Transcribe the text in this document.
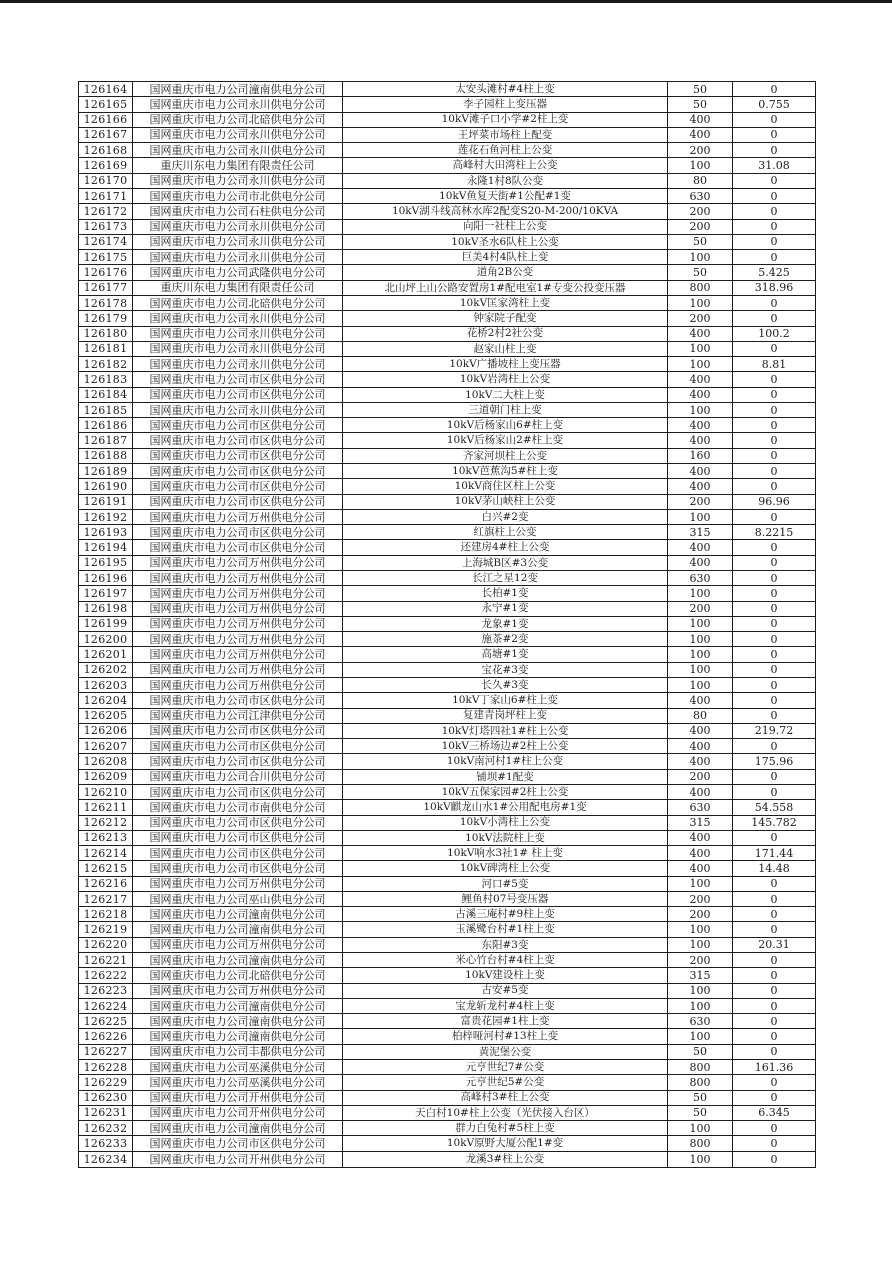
126164	国网重庆市电力公司潼南供电分公司	太安头滩村#4柱上变	50	0
126165	国网重庆市电力公司永川供电分公司	李子园柱上变压器	50	0.755
126166	国网重庆市电力公司北碚供电分公司	10kV滩子口小学#2柱上变	400	0
126167	国网重庆市电力公司永川供电分公司	王坪菜市场柱上配变	400	0
126168	国网重庆市电力公司永川供电分公司	莲花石鱼河柱上公变	200	0
126169	重庆川东电力集团有限责任公司	高峰村大田湾柱上公变	100	31.08
126170	国网重庆市电力公司永川供电分公司	永隆1村8队公变	80	0
126171	国网重庆市电力公司市北供电分公司	10kV鱼复天街#1公配#1变	630	0
126172	国网重庆市电力公司石柱供电分公司	10kV湖斗线高林水库2配变S20-M-200/10KVA	200	0
126173	国网重庆市电力公司永川供电分公司	向阳一社柱上公变	200	0
126174	国网重庆市电力公司永川供电分公司	10kV圣水6队柱上公变	50	0
126175	国网重庆市电力公司永川供电分公司	巨美4村4队柱上变	100	0
126176	国网重庆市电力公司武隆供电分公司	道角2B公变	50	5.425
126177	重庆川东电力集团有限责任公司	北山坪上山公路安置房1#配电室1#专变公投变压器	800	318.96
126178	国网重庆市电力公司北碚供电分公司	10kV匡家湾柱上变	100	0
126179	国网重庆市电力公司永川供电分公司	钟家院子配变	200	0
126180	国网重庆市电力公司永川供电分公司	花桥2村2社公变	400	100.2
126181	国网重庆市电力公司永川供电分公司	赵家山柱上变	100	0
126182	国网重庆市电力公司永川供电分公司	10kV广播坡柱上变压器	100	8.81
126183	国网重庆市电力公司市区供电分公司	10kV岩湾柱上公变	400	0
126184	国网重庆市电力公司市区供电分公司	10kV二大柱上变	400	0
126185	国网重庆市电力公司永川供电分公司	三道朝门柱上变	100	0
126186	国网重庆市电力公司市区供电分公司	10kV后杨家山6#柱上变	400	0
126187	国网重庆市电力公司市区供电分公司	10kV后杨家山2#柱上变	400	0
126188	国网重庆市电力公司市区供电分公司	齐家河坝柱上公变	160	0
126189	国网重庆市电力公司市区供电分公司	10kV芭蕉沟5#柱上变	400	0
126190	国网重庆市电力公司市区供电分公司	10kV商住区柱上公变	400	0
126191	国网重庆市电力公司市区供电分公司	10kV茅山峡柱上公变	200	96.96
126192	国网重庆市电力公司万州供电分公司	白兴#2变	100	0
126193	国网重庆市电力公司市区供电分公司	红旗柱上公变	315	8.2215
126194	国网重庆市电力公司市区供电分公司	还建房4#柱上公变	400	0
126195	国网重庆市电力公司万州供电分公司	上海城B区#3公变	400	0
126196	国网重庆市电力公司万州供电分公司	长江之星12变	630	0
126197	国网重庆市电力公司万州供电分公司	长柏#1变	100	0
126198	国网重庆市电力公司万州供电分公司	永宁#1变	200	0
126199	国网重庆市电力公司万州供电分公司	龙象#1变	100	0
126200	国网重庆市电力公司万州供电分公司	施茶#2变	100	0
126201	国网重庆市电力公司万州供电分公司	高塘#1变	100	0
126202	国网重庆市电力公司万州供电分公司	宝花#3变	100	0
126203	国网重庆市电力公司万州供电分公司	长久#3变	100	0
126204	国网重庆市电力公司市区供电分公司	10kV丁家山6#柱上变	400	0
126205	国网重庆市电力公司江津供电分公司	复建青岗坪柱上变	80	0
126206	国网重庆市电力公司市区供电分公司	10kV灯塔四社1#柱上公变	400	219.72
126207	国网重庆市电力公司市区供电分公司	10kV三桥场边#2柱上公变	400	0
126208	国网重庆市电力公司市区供电分公司	10kV南河村1#柱上公变	400	175.96
126209	国网重庆市电力公司合川供电分公司	铺坝#1配变	200	0
126210	国网重庆市电力公司市区供电分公司	10kV五保家园#2柱上公变	400	0
126211	国网重庆市电力公司市南供电分公司	10kV麒龙山水1#公用配电房#1变	630	54.558
126212	国网重庆市电力公司市区供电分公司	10kV小湾柱上公变	315	145.782
126213	国网重庆市电力公司市区供电分公司	10kV法院柱上变	400	0
126214	国网重庆市电力公司市区供电分公司	10kV响水3社1# 柱上变	400	171.44
126215	国网重庆市电力公司市区供电分公司	10kV碑湾柱上公变	400	14.48
126216	国网重庆市电力公司万州供电分公司	河口#5变	100	0
126217	国网重庆市电力公司巫山供电分公司	鲤鱼村07号变压器	200	0
126218	国网重庆市电力公司潼南供电分公司	古溪三庵村#9柱上变	200	0
126219	国网重庆市电力公司潼南供电分公司	玉溪鹭台村#1柱上变	100	0
126220	国网重庆市电力公司万州供电分公司	东阳#3变	100	20.31
126221	国网重庆市电力公司潼南供电分公司	米心竹台村#4柱上变	200	0
126222	国网重庆市电力公司北碚供电分公司	10kV建设柱上变	315	0
126223	国网重庆市电力公司万州供电分公司	古安#5变	100	0
126224	国网重庆市电力公司潼南供电分公司	宝龙斩龙村#4柱上变	100	0
126225	国网重庆市电力公司潼南供电分公司	富贵花园#1柱上变	630	0
126226	国网重庆市电力公司潼南供电分公司	柏梓哑河村#13柱上变	100	0
126227	国网重庆市电力公司丰都供电分公司	黄泥堡公变	50	0
126228	国网重庆市电力公司巫溪供电分公司	元亨世纪7#公变	800	161.36
126229	国网重庆市电力公司巫溪供电分公司	元亨世纪5#公变	800	0
126230	国网重庆市电力公司开州供电分公司	高峰村3#柱上公变	50	0
126231	国网重庆市电力公司开州供电分公司	天白村10#柱上公变（光伏接入台区）	50	6.345
126232	国网重庆市电力公司潼南供电分公司	群力白兔村#5柱上变	100	0
126233	国网重庆市电力公司市区供电分公司	10kV原野大厦公配1#变	800	0
126234	国网重庆市电力公司开州供电分公司	龙溪3#柱上公变	100	0
